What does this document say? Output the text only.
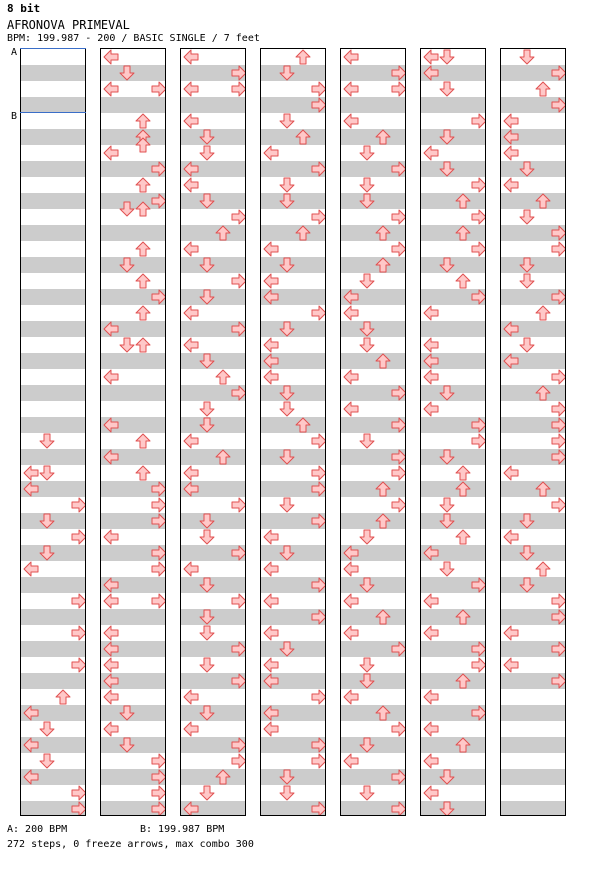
8 bit
AFRONOVA PRIMEVAL
BPM: 199.987 - 200 / BASIC SINGLE / 7 feet
A
B
A: 200 BPM	B: 199.987 BPM
272 steps, 0 freeze arrows, max combo 300
